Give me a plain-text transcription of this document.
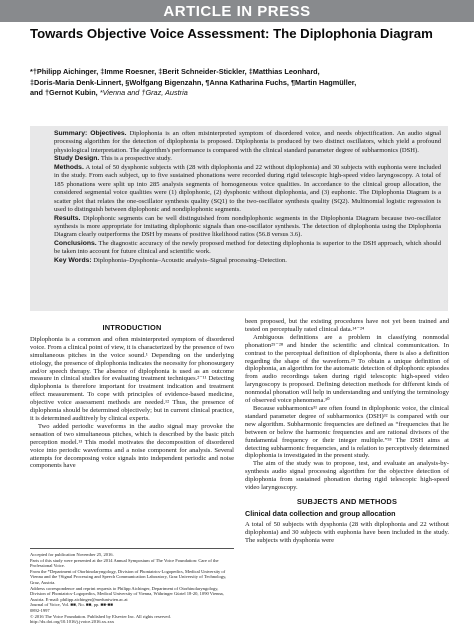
ARTICLE IN PRESS
Towards Objective Voice Assessment: The Diplophonia Diagram
*†Philipp Aichinger, ‡Imme Roesner, ‡Berit Schneider-Stickler, ‡Matthias Leonhard,
‡Doris-Maria Denk-Linnert, §Wolfgang Bigenzahn, ¶Anna Katharina Fuchs, ¶Martin Hagmüller,
and †Gernot Kubin, *Vienna and †Graz, Austria

Summary: Objectives. Diplophonia is an often misinterpreted symptom of disordered voice, and needs objectification. An audio signal processing algorithm for the detection of diplophonia is proposed. Diplophonia is produced by two distinct oscillators, which yield a profound physiological interpretation. The algorithm's performance is compared with the clinical standard parameter degree of subharmonics (DSH).

Study Design. This is a prospective study.

Methods. A total of 50 dysphonic subjects with (28 with diplophonia and 22 without diplophonia) and 30 subjects with euphonia were included in the study. From each subject, up to five sustained phonations were recorded during rigid telescopic high-speed video laryngoscopy. A total of 185 phonations were split up into 285 analysis segments of homogeneous voice qualities. In accordance to the clinical group allocation, the considered segmental voice qualities were (1) diplophonic, (2) dysphonic without diplophonia, and (3) euphonic. The Diplophonia Diagram is a scatter plot that relates the one-oscillator synthesis quality (SQ1) to the two-oscillator synthesis quality (SQ2). Multinomial logistic regression is used to distinguish between diplophonic and nondiplophonic segments.

Results. Diplophonic segments can be well distinguished from nondiplophonic segments in the Diplophonia Diagram because two-oscillator synthesis is more appropriate for imitating diplophonic signals than one-oscillator synthesis. The detection of diplophonia using the Diplophonia Diagram clearly outperforms the DSH by means of positive likelihood ratios (56.8 versus 3.6).

Conclusions. The diagnostic accuracy of the newly proposed method for detecting diplophonia is superior to the DSH approach, which should be taken into account for future clinical and scientific work.

Key Words: Diplophonia–Dysphonia–Acoustic analysis–Signal processing–Detection.

INTRODUCTION

Diplophonia is a common and often misinterpreted symptom of disordered voice. From a clinical point of view, it is characterized by the presence of two simultaneous pitches in the voice sound.¹ Depending on the underlying etiology, the presence of diplophonia indicates the necessity for phonosurgery and/or speech therapy. The absence of diplophonia is used as an outcome measure in clinical studies for evaluating treatment techniques.²⁻¹¹ Detecting diplophonia is therefore important for treatment indication and treatment effect measurement. To cope with principles of evidence-based medicine, objective voice assessment methods are needed.¹² Thus, the presence of diplophonia should be determined objectively; but in current clinical practice, it is determined auditively by clinical experts.

Two added periodic waveforms in the audio signal may provoke the sensation of two simultaneous pitches, which is described by the basic pitch perception model.¹³ This model motivates the decomposition of disordered voice into periodic waveforms and a noise component for analysis. Several attempts for decomposing voice signals into independent periodic and noise components have

Accepted for publication November 25, 2016.

Parts of this study were presented at the 2014 Annual Symposium of The Voice Foundation: Care of the Professional Voice.

From the *Department of Otorhinolaryngology, Division of Phoniatrics-Logopedics, Medical University of Vienna and the †Signal Processing and Speech Communication Laboratory, Graz University of Technology, Graz, Austria.

Address correspondence and reprint requests to Philipp Aichinger, Department of Otorhinolaryngology, Division of Phoniatrics-Logopedics, Medical University of Vienna, Währinger Gürtel 18-20, 1090 Vienna, Austria. E-mail: philipp.aichinger@meduniwien.ac.at

Journal of Voice, Vol. ■■, No. ■■, pp. ■■-■■

0892-1997

© 2016 The Voice Foundation. Published by Elsevier Inc. All rights reserved.

http://dx.doi.org/10.1016/j.jvoice.2016.xx.xxx

been proposed, but the existing procedures have not yet been trained and tested on perceptually rated clinical data.¹⁴⁻²⁴

Ambiguous definitions are a problem in classifying nonmodal phonation²⁵⁻²⁸ and hinder the scientific and clinical communication. In contrast to the perceptual definition of diplophonia, there is also a definition regarding the shape of the waveform.²⁹ To obtain a unique definition of diplophonia, an algorithm for the automatic detection of diplophonic episodes from audio recordings taken during rigid telescopic high-speed video laryngoscopy is proposed. Defining detection methods for different kinds of nonmodal phonation will help in understanding and unifying the terminology of observed voice phenomena.³⁰

Because subharmonics³¹ are often found in diplophonic voice, the clinical standard parameter degree of subharmonics (DSH)³² is compared with our new algorithm. Subharmonic frequencies are defined as “frequencies that lie between or below the harmonic frequencies and are rational divisors of the fundamental frequency or their integer multiple.”³³ The DSH aims at detecting subharmonic frequencies, and is relation to perceptively determined diplophonia is investigated in the present study.

The aim of the study was to propose, test, and evaluate an analysis-by-synthesis audio signal processing algorithm for the objective detection of diplophonia from sustained phonation during rigid telescopic high-speed video laryngoscopy.

SUBJECTS AND METHODS
Clinical data collection and group allocation

A total of 50 subjects with dysphonia (28 with diplophonia and 22 without diplophonia) and 30 subjects with euphonia have been included in the study. The subjects with dysphonia were
